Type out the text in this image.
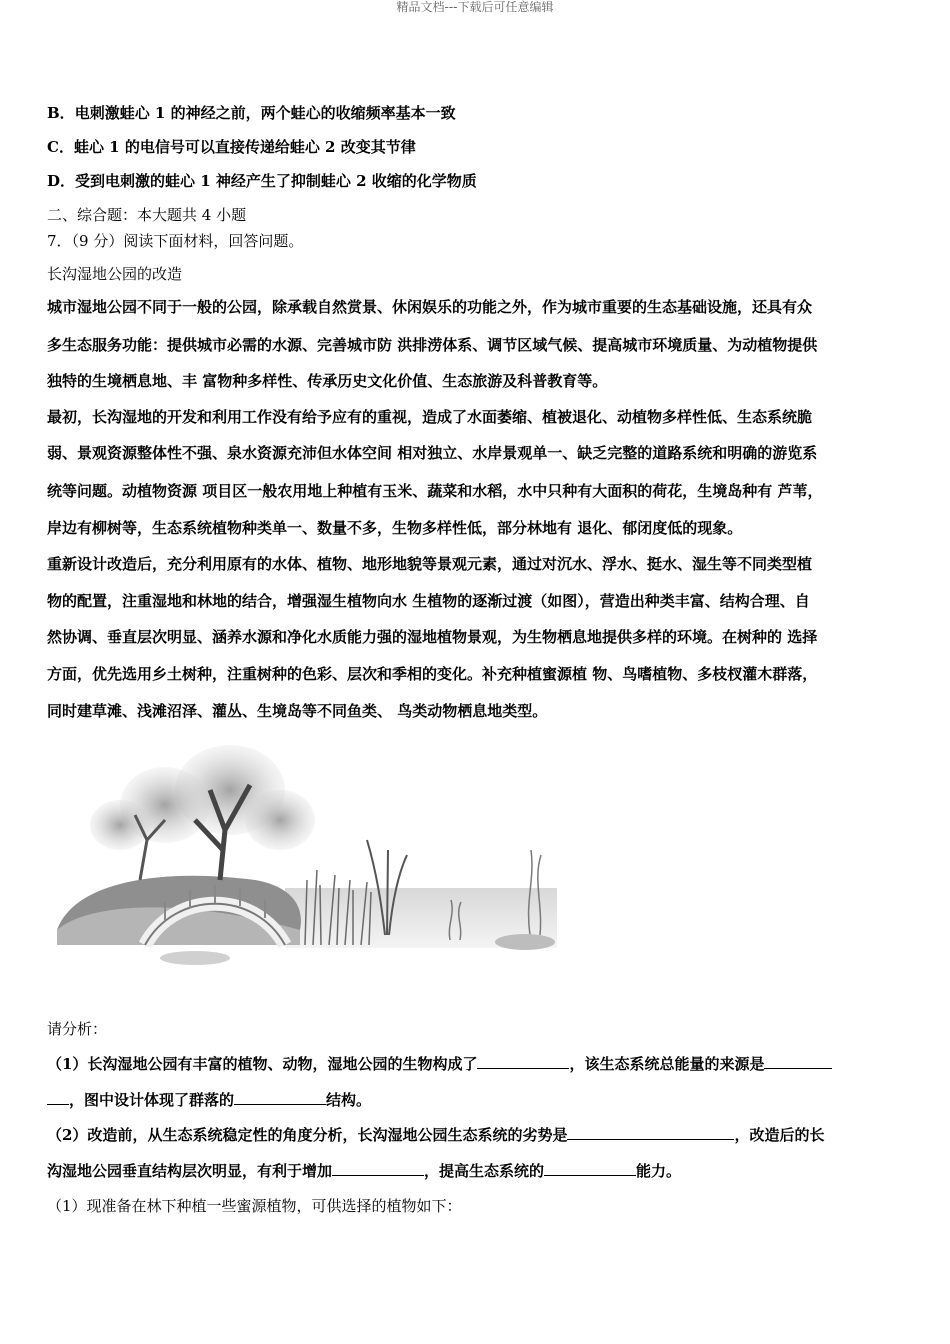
精品文档---下载后可任意编辑
B．电刺激蛙心 1 的神经之前，两个蛙心的收缩频率基本一致
C．蛙心 1 的电信号可以直接传递给蛙心 2 改变其节律
D．受到电刺激的蛙心 1 神经产生了抑制蛙心 2 收缩的化学物质
二、综合题：本大题共 4 小题
7．（9 分）阅读下面材料，回答问题。
长沟湿地公园的改造
城市湿地公园不同于一般的公园，除承载自然赏景、休闲娱乐的功能之外，作为城市重要的生态基础设施，还具有众
多生态服务功能：提供城市必需的水源、完善城市防 洪排涝体系、调节区域气候、提高城市环境质量、为动植物提供
独特的生境栖息地、丰 富物种多样性、传承历史文化价值、生态旅游及科普教育等。
最初，长沟湿地的开发和利用工作没有给予应有的重视，造成了水面萎缩、植被退化、动植物多样性低、生态系统脆
弱、景观资源整体性不强、泉水资源充沛但水体空间 相对独立、水岸景观单一、缺乏完整的道路系统和明确的游览系
统等问题。动植物资源 项目区一般农用地上种植有玉米、蔬菜和水稻，水中只种有大面积的荷花，生境岛种有 芦苇，
岸边有柳树等，生态系统植物种类单一、数量不多，生物多样性低，部分林地有 退化、郁闭度低的现象。
重新设计改造后，充分利用原有的水体、植物、地形地貌等景观元素，通过对沉水、浮水、挺水、湿生等不同类型植
物的配置，注重湿地和林地的结合，增强湿生植物向水 生植物的逐渐过渡（如图），营造出种类丰富、结构合理、自
然协调、垂直层次明显、涵养水源和净化水质能力强的湿地植物景观，为生物栖息地提供多样的环境。在树种的 选择
方面，优先选用乡土树种，注重树种的色彩、层次和季相的变化。补充种植蜜源植 物、鸟嗜植物、多枝杈灌木群落，
同时建草滩、浅滩沼泽、灌丛、生境岛等不同鱼类、 鸟类动物栖息地类型。
请分析：
（1）长沟湿地公园有丰富的植物、动物，湿地公园的生物构成了	，该生态系统总能量的来源是
，图中设计体现了群落的	结构。
（2）改造前，从生态系统稳定性的角度分析，长沟湿地公园生态系统的劣势是	，改造后的长
沟湿地公园垂直结构层次明显，有利于增加	，提高生态系统的	能力。
（1）现准备在林下种植一些蜜源植物，可供选择的植物如下：
